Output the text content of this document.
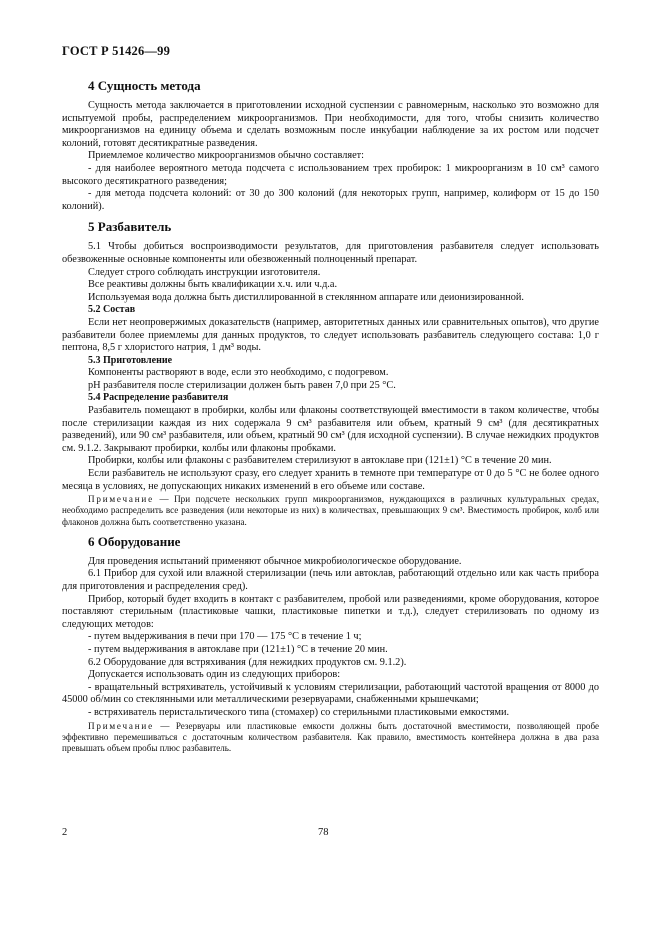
ГОСТ Р 51426—99
4 Сущность метода

Сущность метода заключается в приготовлении исходной суспензии с равномерным, насколько это возможно для испытуемой пробы, распределением микроорганизмов. При необходимости, для того, чтобы снизить количество микроорганизмов на единицу объема и сделать возможным после инкубации наблюдение за их ростом или подсчет колоний, готовят десятикратные разведения.

Приемлемое количество микроорганизмов обычно составляет:

- для наиболее вероятного метода подсчета с использованием трех пробирок: 1 микроорганизм в 10 см³ самого высокого десятикратного разведения;

- для метода подсчета колоний: от 30 до 300 колоний (для некоторых групп, например, колиформ от 15 до 150 колоний).

5 Разбавитель

5.1 Чтобы добиться воспроизводимости результатов, для приготовления разбавителя следует использовать обезвоженные основные компоненты или обезвоженный полноценный препарат.

Следует строго соблюдать инструкции изготовителя.

Все реактивы должны быть квалификации х.ч. или ч.д.а.

Используемая вода должна быть дистиллированной в стеклянном аппарате или деионизированной.

5.2 Состав

Если нет неопровержимых доказательств (например, авторитетных данных или сравнительных опытов), что другие разбавители более приемлемы для данных продуктов, то следует использовать разбавитель следующего состава: 1,0 г пептона, 8,5 г хлористого натрия, 1 дм³ воды.

5.3 Приготовление

Компоненты растворяют в воде, если это необходимо, с подогревом.

pH разбавителя после стерилизации должен быть равен 7,0 при 25 °С.

5.4 Распределение разбавителя

Разбавитель помещают в пробирки, колбы или флаконы соответствующей вместимости в таком количестве, чтобы после стерилизации каждая из них содержала 9 см³ разбавителя или объем, кратный 9 см³ (для десятикратных разведений), или 90 см³ разбавителя, или объем, кратный 90 см³ (для исходной суспензии). В случае нежидких продуктов см. 9.1.2. Закрывают пробирки, колбы или флаконы пробками.

Пробирки, колбы или флаконы с разбавителем стерилизуют в автоклаве при (121±1) °С в течение 20 мин.

Если разбавитель не используют сразу, его следует хранить в темноте при температуре от 0 до 5 °С не более одного месяца в условиях, не допускающих никаких изменений в его объеме или составе.

Примечание — При подсчете нескольких групп микроорганизмов, нуждающихся в различных культуральных средах, необходимо распределить все разведения (или некоторые из них) в количествах, превышающих 9 см³. Вместимость пробирок, колб или флаконов должна быть соответственно указана.

6 Оборудование

Для проведения испытаний применяют обычное микробиологическое оборудование.

6.1 Прибор для сухой или влажной стерилизации (печь или автоклав, работающий отдельно или как часть прибора для приготовления и распределения сред).

Прибор, который будет входить в контакт с разбавителем, пробой или разведениями, кроме оборудования, которое поставляют стерильным (пластиковые чашки, пластиковые пипетки и т.д.), следует стерилизовать по одному из следующих методов:

- путем выдерживания в печи при 170 — 175 °С в течение 1 ч;

- путем выдерживания в автоклаве при (121±1) °С в течение 20 мин.

6.2 Оборудование для встряхивания (для нежидких продуктов см. 9.1.2).

Допускается использовать один из следующих приборов:

- вращательный встряхиватель, устойчивый к условиям стерилизации, работающий частотой вращения от 8000 до 45000 об/мин со стеклянными или металлическими резервуарами, снабженными крышечками;

- встряхиватель перистальтического типа (стомахер) со стерильными пластиковыми емкостями.

Примечание — Резервуары или пластиковые емкости должны быть достаточной вместимости, позволяющей пробе эффективно перемешиваться с достаточным количеством разбавителя. Как правило, вместимость контейнера должна в два раза превышать объем пробы плюс разбавитель.

2	78
